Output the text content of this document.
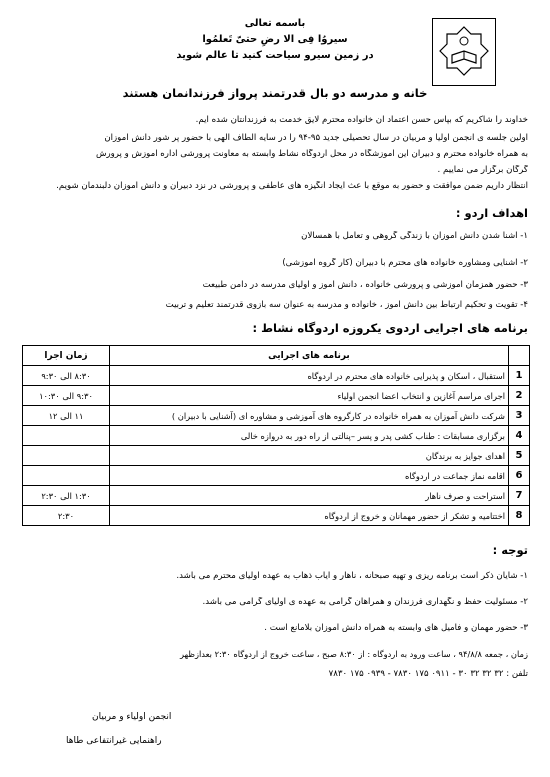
باسمه تعالی
سیروُا فِی الا رضِ حتیّ تَعلّمُوا
در زمین سیرو سیاحت کنید تا عالم شوید
خانه و مدرسه دو بال قدرتمند پرواز فرزندانمان هستند
خداوند را شاکریم که بپاس حسن اعتماد آن خانواده محترم لایق خدمت به فرزندانتان شده ایم.
اولین جلسه ی انجمن اولیا و مربیان در سال تحصیلی جدید ۹۵-۹۴ را در سایه الطاف الهی با حضور پر شور دانش آموزان
به همراه خانواده محترم و دبیران این آموزشگاه در محل اردوگاه نشاط وابسته به معاونت پرورشی اداره آموزش و پرورش
گرگان برگزار می نماییم .
انتظار داریم ضمن موافقت و حضور به موقع با عث ایجاد انگیزه های عاطفی و پرورشی در نزد دبیران و دانش آموزان دلبندمان شویم.
اهداف اردو :
۱- آشنا شدن دانش آموزان با زندگی گروهی و تعامل با همسالان
۲- آشنایی ومشاوره خانواده های محترم با دبیران (کار گروه آموزشی)
۳- حضور همزمان آموزشی و پرورشی خانواده ، دانش آموز و اولیای مدرسه در دامن طبیعت
۴- تقویت و تحکیم ارتباط بین دانش آموز ، خانواده و مدرسه به عنوان سه بازوی قدرتمند تعلیم و تربیت
برنامه های اجرایی اردوی یکروزه اردوگاه نشاط :
	برنامه های اجرایی	زمان اجرا
1	استقبال ، اسکان و پذیرایی خانواده های محترم در اردوگاه	۸:۳۰ الی ۹:۳۰
2	اجرای مراسم آغازین و انتخاب اعضا انجمن اولیاء	۹:۳۰ الی ۱۰:۳۰
3	شرکت دانش آموزان به همراه خانواده در کارگروه های آموزشی و مشاوره ای (آشنایی با دبیران )	۱۱ الی ۱۲
4	برگزاری مسابقات : طناب کشی پدر و پسر –پنالتی از راه دور به دروازه خالی	
5	اهدای جوایز به برندگان	
6	اقامه نماز جماعت در اردوگاه	
7	استراحت و صرف ناهار	۱:۳۰ الی ۲:۳۰
8	اختتامیه و تشکر از حضور مهمانان و خروج از اردوگاه	۲:۳۰
توجه :
۱- شایان ذکر است برنامه ریزی و تهیه صبحانه ، ناهار و ایاب ذهاب به عهده اولیای محترم می باشد.
۲- مسئولیت حفظ و نگهداری فرزندان و همراهان گرامی به عهده ی اولیای گرامی می باشد.
۳- حضور مهمان و فامیل های وابسته به همراه دانش آموزان بلامانع است .
زمان ، جمعه ۹۴/۸/۸ ، ساعت ورود به اردوگاه : از ۸:۳۰ صبح ، ساعت خروج از اردوگاه ۲:۳۰ بعدازظهر
تلفن : ۳۲ ۳۲ ۳۲ ۳۰ - ۰۹۱۱ ۱۷۵ ۷۸۳۰ - ۰۹۳۹ ۱۷۵ ۷۸۳۰
انجمن اولیاء و مربیان
راهنمایی غیرانتفاعی طاها
